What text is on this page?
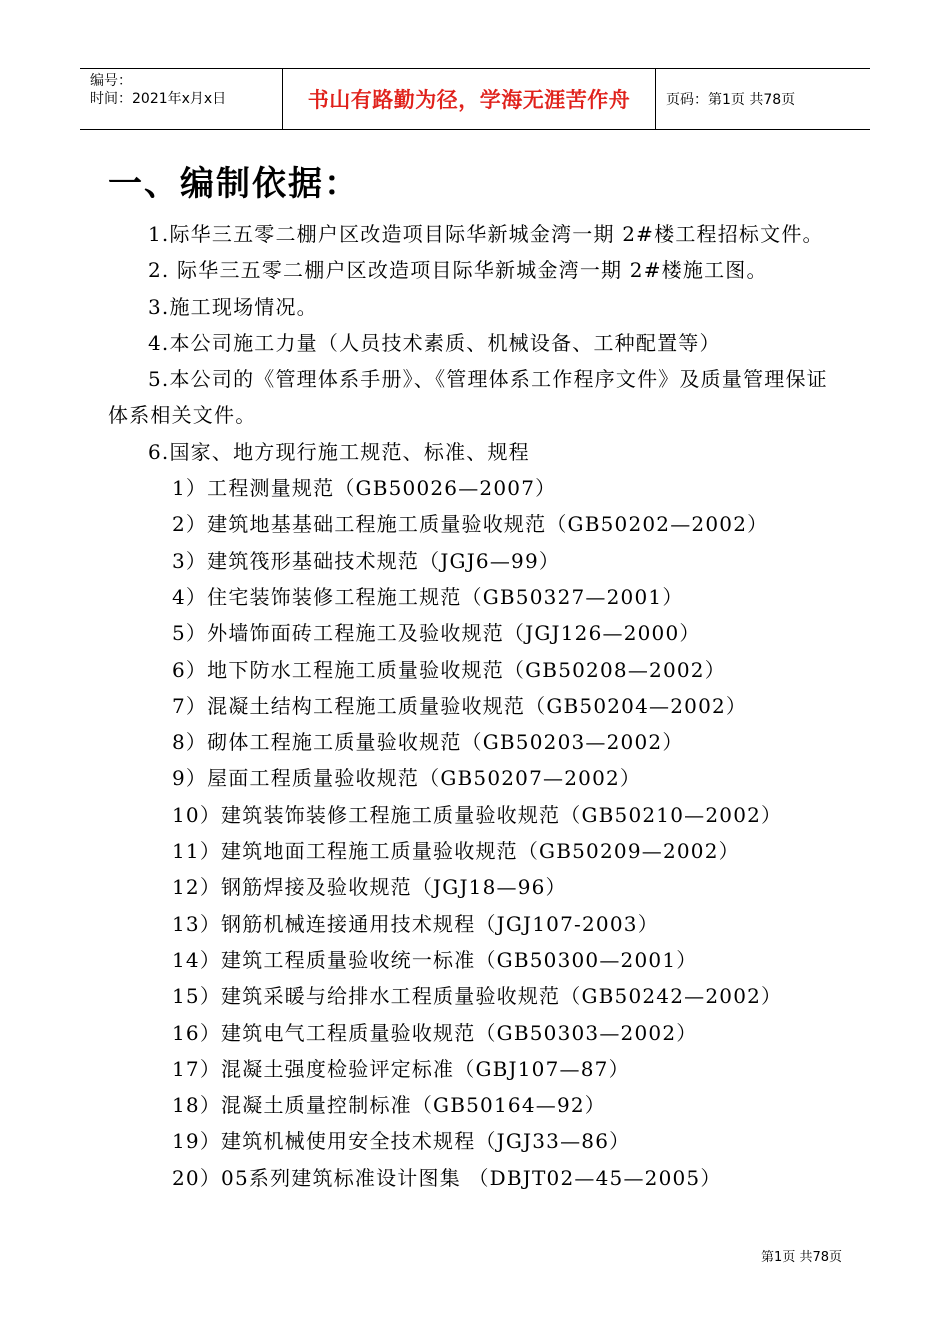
编号：
时间：2021年x月x日	书山有路勤为径，学海无涯苦作舟	页码：第1页 共78页
一、编制依据：

1.际华三五零二棚户区改造项目际华新城金湾一期 2#楼工程招标文件。

2. 际华三五零二棚户区改造项目际华新城金湾一期 2#楼施工图。

3.施工现场情况。

4.本公司施工力量（人员技术素质、机械设备、工种配置等）

5.本公司的《管理体系手册》、《管理体系工作程序文件》及质量管理保证体系相关文件。

6.国家、地方现行施工规范、标准、规程

1）工程测量规范（GB50026—2007）
2）建筑地基基础工程施工质量验收规范（GB50202—2002）
3）建筑筏形基础技术规范（JGJ6—99）
4）住宅装饰装修工程施工规范（GB50327—2001）
5）外墙饰面砖工程施工及验收规范（JGJ126—2000）
6）地下防水工程施工质量验收规范（GB50208—2002）
7）混凝土结构工程施工质量验收规范（GB50204—2002）
8）砌体工程施工质量验收规范（GB50203—2002）
9）屋面工程质量验收规范（GB50207—2002）
10）建筑装饰装修工程施工质量验收规范（GB50210—2002）
11）建筑地面工程施工质量验收规范（GB50209—2002）
12）钢筋焊接及验收规范（JGJ18—96）
13）钢筋机械连接通用技术规程（JGJ107-2003）
14）建筑工程质量验收统一标准（GB50300—2001）
15）建筑采暖与给排水工程质量验收规范（GB50242—2002）
16）建筑电气工程质量验收规范（GB50303—2002）
17）混凝土强度检验评定标准（GBJ107—87）
18）混凝土质量控制标准（GB50164—92）
19）建筑机械使用安全技术规程（JGJ33—86）
20）05系列建筑标准设计图集 （DBJT02—45—2005）
第1页 共78页
